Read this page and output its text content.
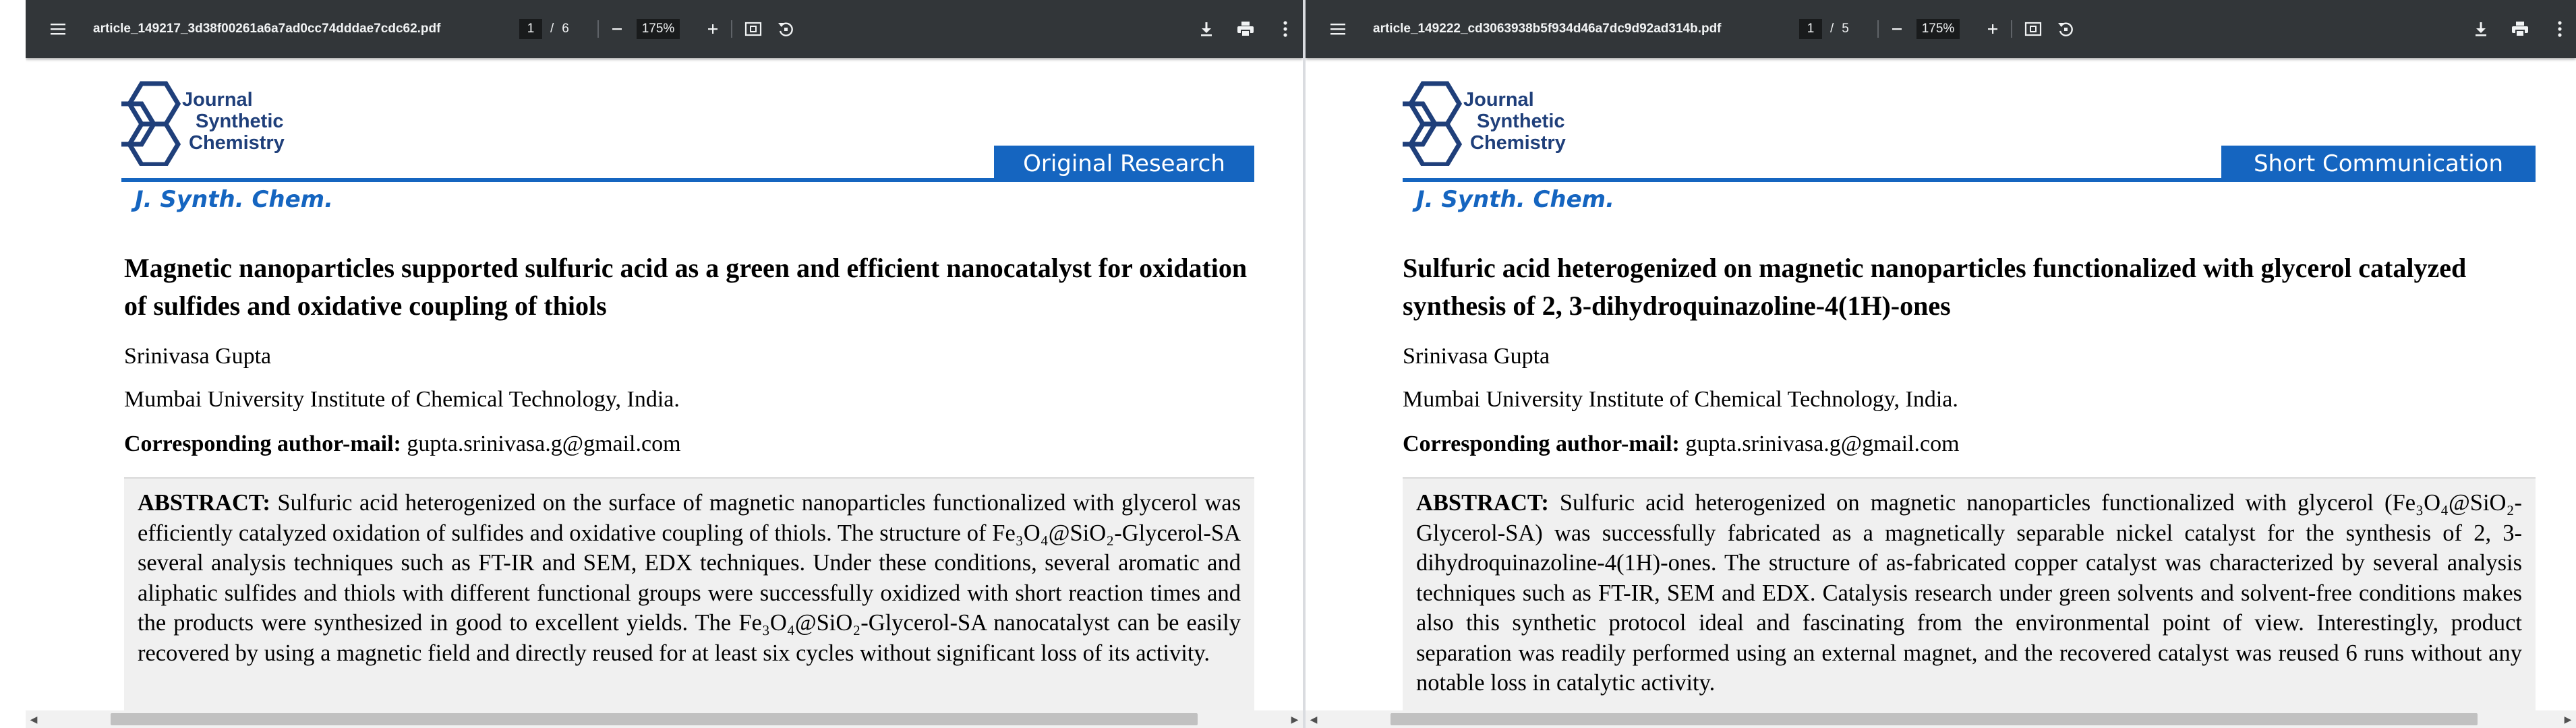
article_149217_3d38f00261a6a7ad0cc74dddae7cdc62.pdf	1	/ 6	175%
Journal
Synthetic
Chemistry
Original Research
J. Synth. Chem.
Magnetic nanoparticles supported sulfuric acid as a green and efficient nanocatalyst for oxidation of sulfides and oxidative coupling of thiols
Srinivasa Gupta
Mumbai University Institute of Chemical Technology, India.
Corresponding author-mail: gupta.srinivasa.g@gmail.com
ABSTRACT: Sulfuric acid heterogenized on the surface of magnetic nanoparticles functionalized with glycerol was efficiently catalyzed oxidation of sulfides and oxidative coupling of thiols. The structure of Fe₃O₄@SiO₂-Glycerol-SA several analysis techniques such as FT-IR and SEM, EDX techniques. Under these conditions, several aromatic and aliphatic sulfides and thiols with different functional groups were successfully oxidized with short reaction times and the products were synthesized in good to excellent yields. The Fe₃O₄@SiO₂-Glycerol-SA nanocatalyst can be easily recovered by using a magnetic field and directly reused for at least six cycles without significant loss of its activity.
◀	▶
article_149222_cd3063938b5f934d46a7dc9d92ad314b.pdf	1	/ 5	175%
Journal
Synthetic
Chemistry
Short Communication
J. Synth. Chem.
Sulfuric acid heterogenized on magnetic nanoparticles functionalized with glycerol catalyzed synthesis of 2, 3-dihydroquinazoline-4(1H)-ones
Srinivasa Gupta
Mumbai University Institute of Chemical Technology, India.
Corresponding author-mail: gupta.srinivasa.g@gmail.com
ABSTRACT: Sulfuric acid heterogenized on magnetic nanoparticles functionalized with glycerol (Fe₃O₄@SiO₂-Glycerol-SA) was successfully fabricated as a magnetically separable nickel catalyst for the synthesis of 2, 3-dihydroquinazoline-4(1H)-ones. The structure of as-fabricated copper catalyst was characterized by several analysis techniques such as FT-IR, SEM and EDX. Catalysis research under green solvents and solvent-free conditions makes also this synthetic protocol ideal and fascinating from the environmental point of view. Interestingly, product separation was readily performed using an external magnet, and the recovered catalyst was reused 6 runs without any notable loss in catalytic activity.
◀	▶
